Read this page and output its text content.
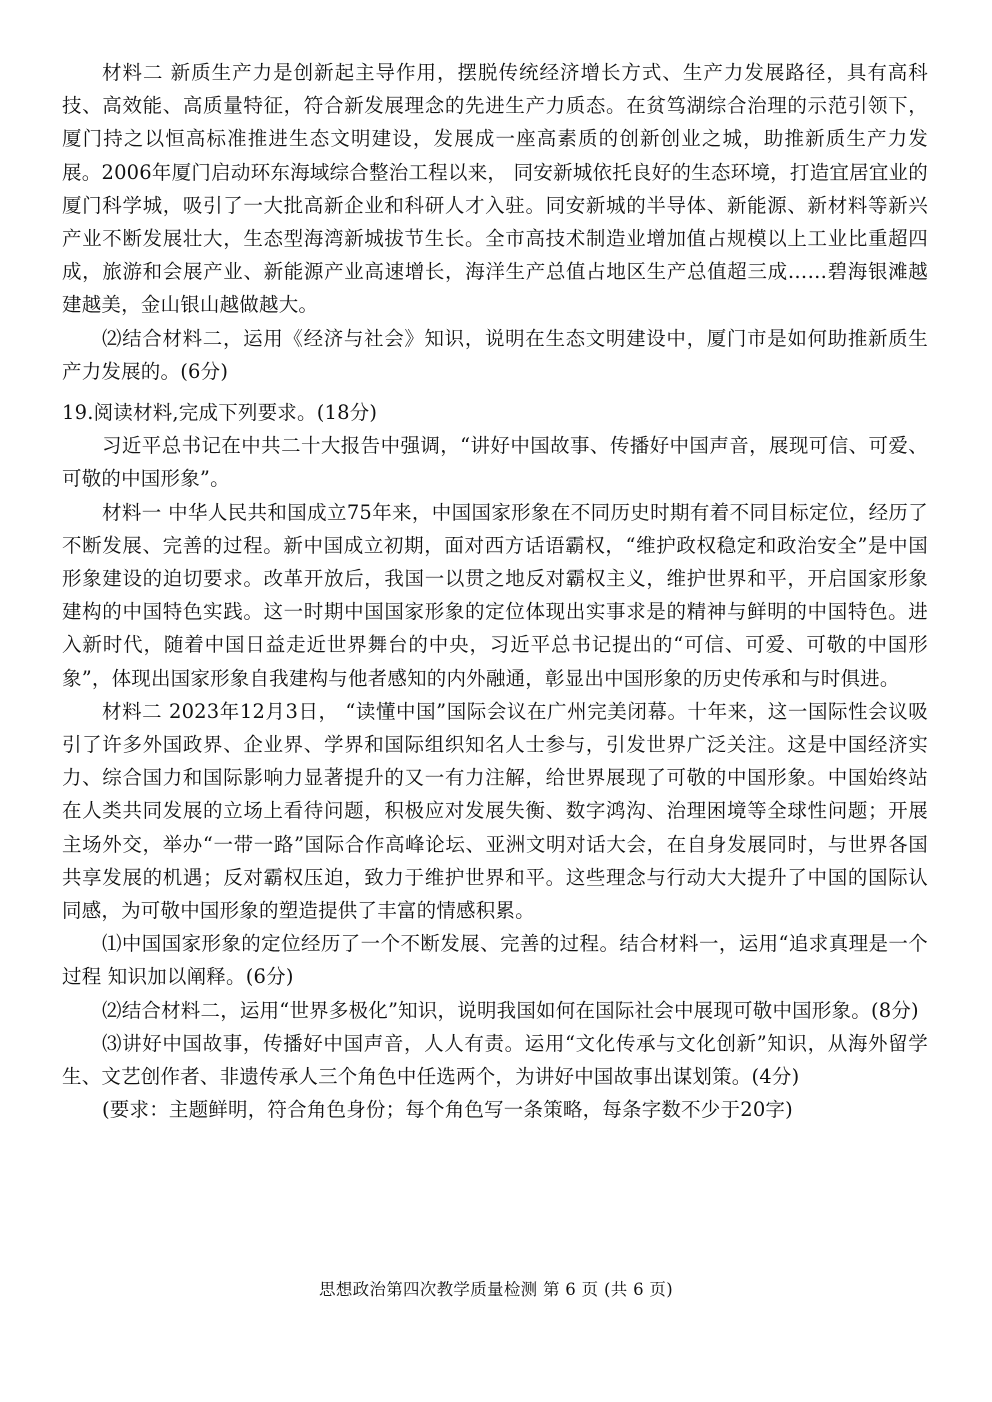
材料二 新质生产力是创新起主导作用，摆脱传统经济增长方式、生产力发展路径，具有高科技、高效能、高质量特征，符合新发展理念的先进生产力质态。在贫笃湖综合治理的示范引领下，厦门持之以恒高标准推进生态文明建设，发展成一座高素质的创新创业之城，助推新质生产力发展。2006年厦门启动环东海域综合整治工程以来， 同安新城依托良好的生态环境，打造宜居宜业的厦门科学城，吸引了一大批高新企业和科研人才入驻。同安新城的半导体、新能源、新材料等新兴产业不断发展壮大，生态型海湾新城拔节生长。全市高技术制造业增加值占规模以上工业比重超四成，旅游和会展产业、新能源产业高速增长，海洋生产总值占地区生产总值超三成……碧海银滩越建越美，金山银山越做越大。

⑵结合材料二，运用《经济与社会》知识，说明在生态文明建设中，厦门市是如何助推新质生产力发展的。(6分)

19.阅读材料,完成下列要求。(18分)

习近平总书记在中共二十大报告中强调，“讲好中国故事、传播好中国声音，展现可信、可爱、可敬的中国形象”。

材料一 中华人民共和国成立75年来，中国国家形象在不同历史时期有着不同目标定位，经历了不断发展、完善的过程。新中国成立初期，面对西方话语霸权，“维护政权稳定和政治安全”是中国形象建设的迫切要求。改革开放后，我国一以贯之地反对霸权主义，维护世界和平，开启国家形象建构的中国特色实践。这一时期中国国家形象的定位体现出实事求是的精神与鲜明的中国特色。进入新时代，随着中国日益走近世界舞台的中央，习近平总书记提出的“可信、可爱、可敬的中国形象”，体现出国家形象自我建构与他者感知的内外融通，彰显出中国形象的历史传承和与时俱进。

材料二 2023年12月3日， “读懂中国”国际会议在广州完美闭幕。十年来，这一国际性会议吸引了许多外国政界、企业界、学界和国际组织知名人士参与，引发世界广泛关注。这是中国经济实力、综合国力和国际影响力显著提升的又一有力注解，给世界展现了可敬的中国形象。中国始终站在人类共同发展的立场上看待问题，积极应对发展失衡、数字鸿沟、治理困境等全球性问题；开展主场外交，举办“一带一路”国际合作高峰论坛、亚洲文明对话大会，在自身发展同时，与世界各国共享发展的机遇；反对霸权压迫，致力于维护世界和平。这些理念与行动大大提升了中国的国际认同感，为可敬中国形象的塑造提供了丰富的情感积累。

⑴中国国家形象的定位经历了一个不断发展、完善的过程。结合材料一，运用“追求真理是一个过程 知识加以阐释。(6分)

⑵结合材料二，运用“世界多极化”知识，说明我国如何在国际社会中展现可敬中国形象。(8分)

⑶讲好中国故事，传播好中国声音，人人有责。运用“文化传承与文化创新”知识，从海外留学生、文艺创作者、非遗传承人三个角色中任选两个，为讲好中国故事出谋划策。(4分)

(要求：主题鲜明，符合角色身份；每个角色写一条策略，每条字数不少于20字)

思想政治第四次教学质量检测 第 6 页 (共 6 页)
